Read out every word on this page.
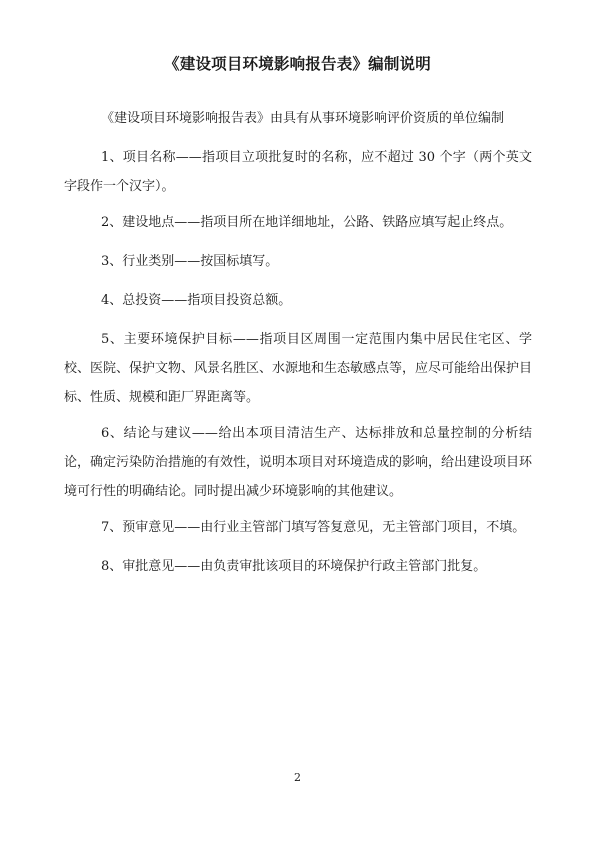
《建设项目环境影响报告表》编制说明

《建设项目环境影响报告表》由具有从事环境影响评价资质的单位编制

1、项目名称——指项目立项批复时的名称，应不超过 30 个字（两个英文字段作一个汉字）。

2、建设地点——指项目所在地详细地址，公路、铁路应填写起止终点。

3、行业类别——按国标填写。

4、总投资——指项目投资总额。

5、主要环境保护目标——指项目区周围一定范围内集中居民住宅区、学校、医院、保护文物、风景名胜区、水源地和生态敏感点等，应尽可能给出保护目标、性质、规模和距厂界距离等。

6、结论与建议——给出本项目清洁生产、达标排放和总量控制的分析结论，确定污染防治措施的有效性，说明本项目对环境造成的影响，给出建设项目环境可行性的明确结论。同时提出减少环境影响的其他建议。

7、预审意见——由行业主管部门填写答复意见，无主管部门项目，不填。

8、审批意见——由负责审批该项目的环境保护行政主管部门批复。

2
